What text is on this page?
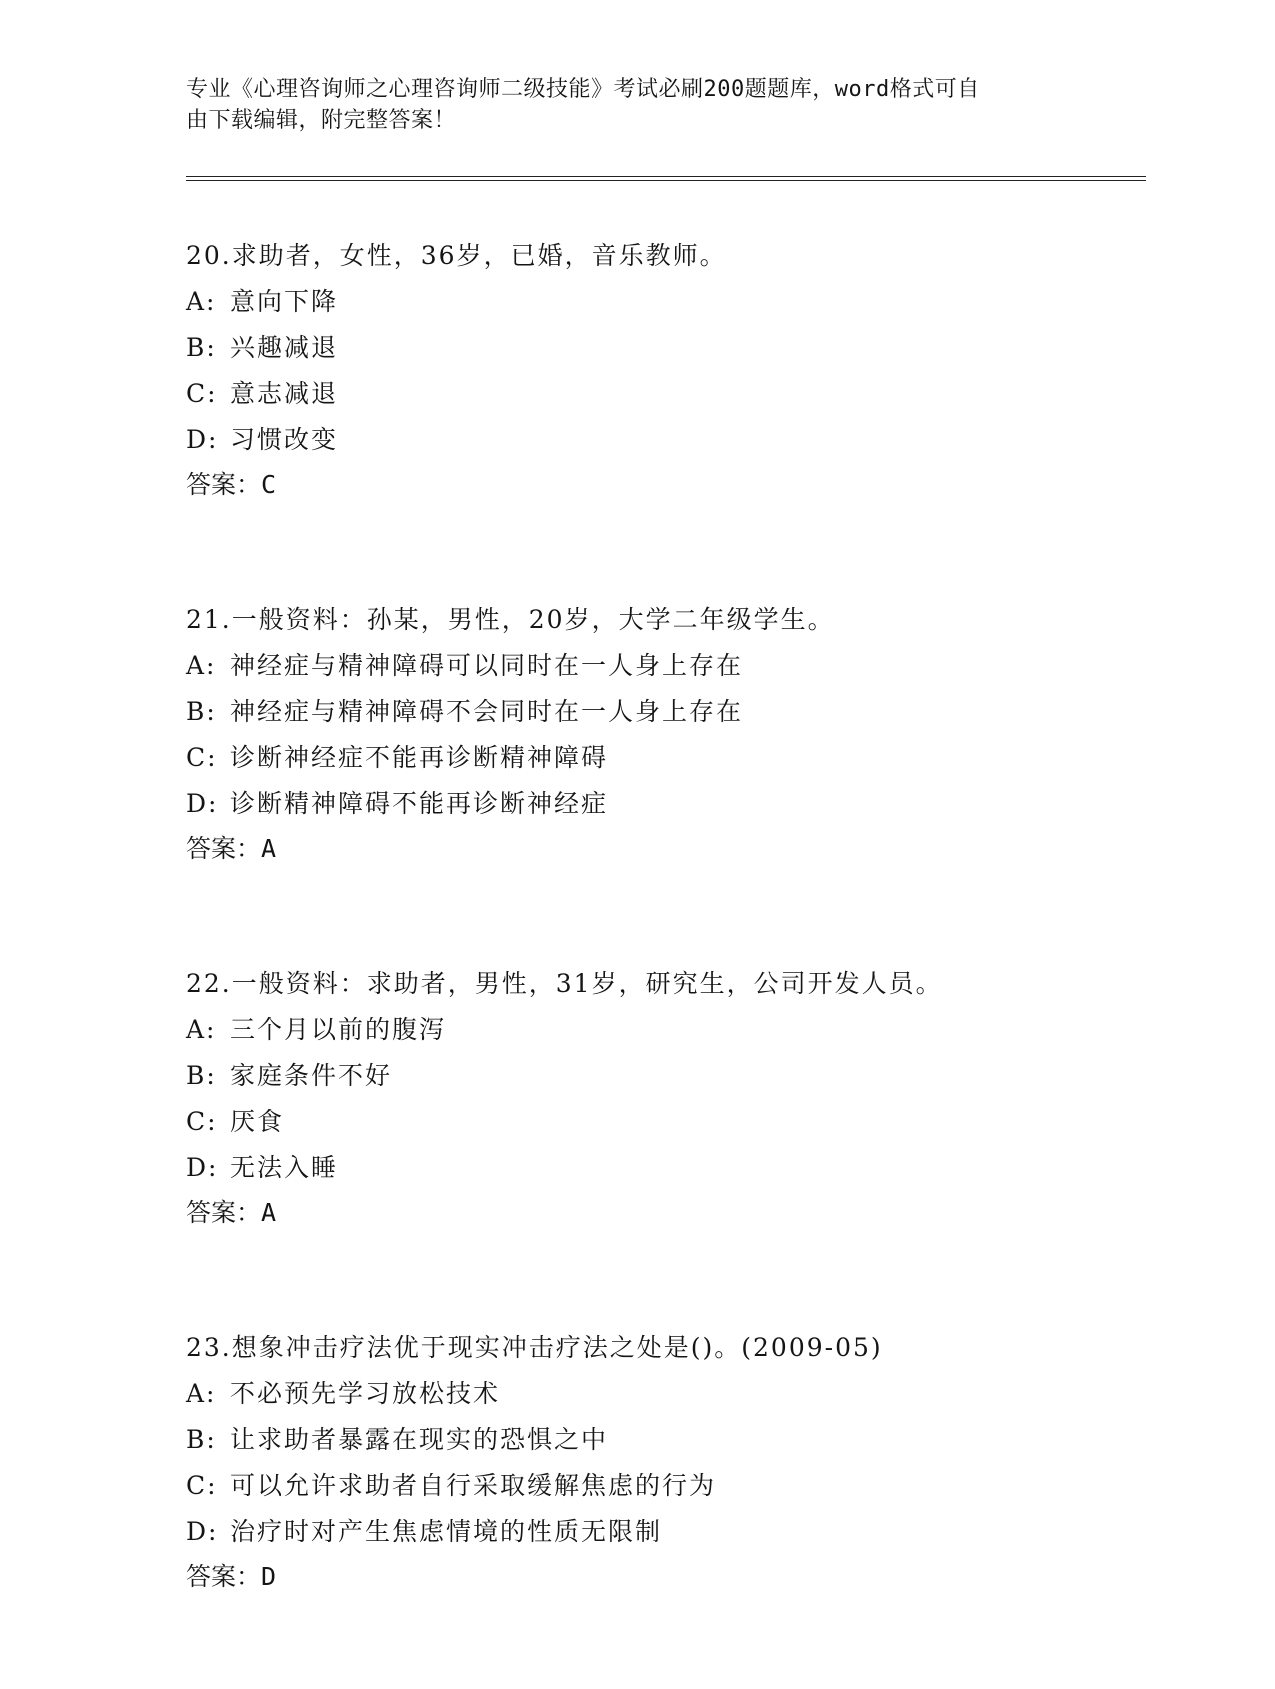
专业《心理咨询师之心理咨询师二级技能》考试必刷200题题库，word格式可自
由下载编辑，附完整答案！
20.求助者，女性，36岁，已婚，音乐教师。
A: 意向下降
B: 兴趣减退
C: 意志减退
D: 习惯改变
答案：C
21.一般资料：孙某，男性，20岁，大学二年级学生。
A: 神经症与精神障碍可以同时在一人身上存在
B: 神经症与精神障碍不会同时在一人身上存在
C: 诊断神经症不能再诊断精神障碍
D: 诊断精神障碍不能再诊断神经症
答案：A
22.一般资料：求助者，男性，31岁，研究生，公司开发人员。
A: 三个月以前的腹泻
B: 家庭条件不好
C: 厌食
D: 无法入睡
答案：A
23.想象冲击疗法优于现实冲击疗法之处是()。(2009-05)
A: 不必预先学习放松技术
B: 让求助者暴露在现实的恐惧之中
C: 可以允许求助者自行采取缓解焦虑的行为
D: 治疗时对产生焦虑情境的性质无限制
答案：D
